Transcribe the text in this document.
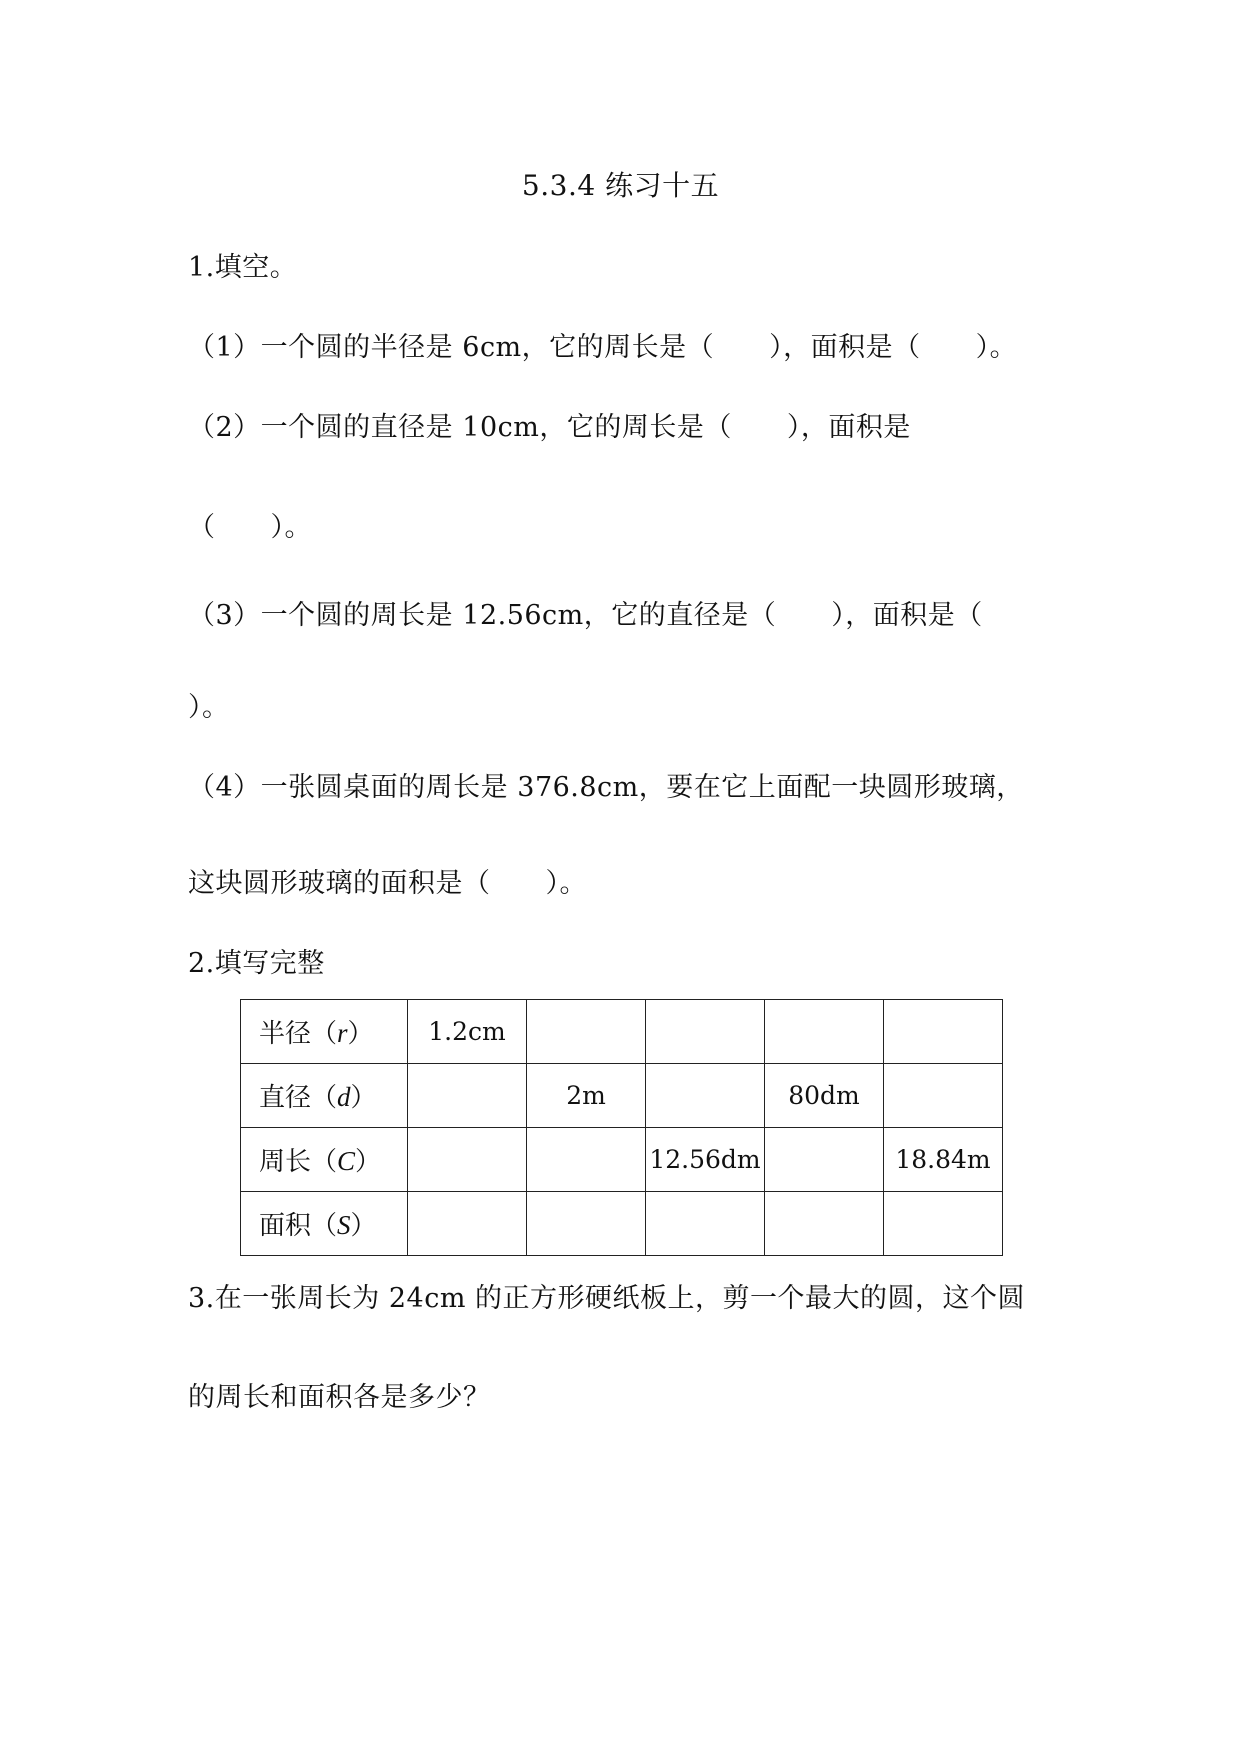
5.3.4 练习十五
1.填空。
（1）一个圆的半径是 6cm，它的周长是（　　），面积是（　　）。
（2）一个圆的直径是 10cm，它的周长是（　　），面积是
（　　）。
（3）一个圆的周长是 12.56cm，它的直径是（　　），面积是（
）。
（4）一张圆桌面的周长是 376.8cm，要在它上面配一块圆形玻璃，
这块圆形玻璃的面积是（　　）。
2.填写完整
半径（r）	1.2cm				
直径（d）		2m		80dm	
周长（C）			12.56dm		18.84m
面积（S）					
3.在一张周长为 24cm 的正方形硬纸板上，剪一个最大的圆，这个圆
的周长和面积各是多少？
